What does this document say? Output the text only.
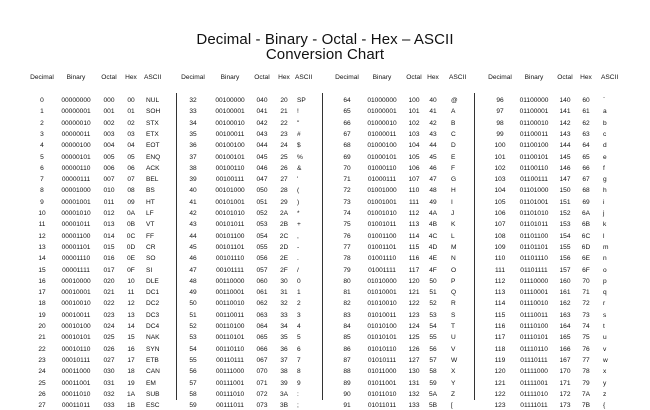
Decimal - Binary - Octal - Hex – ASCII
Conversion Chart
Decimal	Binary	Octal	Hex	ASCII
0	00000000	000	00	NUL
1	00000001	001	01	SOH
2	00000010	002	02	STX
3	00000011	003	03	ETX
4	00000100	004	04	EOT
5	00000101	005	05	ENQ
6	00000110	006	06	ACK
7	00000111	007	07	BEL
8	00001000	010	08	BS
9	00001001	011	09	HT
10	00001010	012	0A	LF
11	00001011	013	0B	VT
12	00001100	014	0C	FF
13	00001101	015	0D	CR
14	00001110	016	0E	SO
15	00001111	017	0F	SI
16	00010000	020	10	DLE
17	00010001	021	11	DC1
18	00010010	022	12	DC2
19	00010011	023	13	DC3
20	00010100	024	14	DC4
21	00010101	025	15	NAK
22	00010110	026	16	SYN
23	00010111	027	17	ETB
24	00011000	030	18	CAN
25	00011001	031	19	EM
26	00011010	032	1A	SUB
27	00011011	033	1B	ESC
Decimal	Binary	Octal	Hex ASCII
32	00100000	040	20	SP
33	00100001	041	21	!
34	00100010	042	22	"
35	00100011	043	23	#
36	00100100	044	24	$
37	00100101	045	25	%
38	00100110	046	26	&
39	00100111	047	27	'
40	00101000	050	28	(
41	00101001	051	29	)
42	00101010	052	2A	*
43	00101011	053	2B	+
44	00101100	054	2C	,
45	00101101	055	2D	-
46	00101110	056	2E	.
47	00101111	057	2F	/
48	00110000	060	30	0
49	00110001	061	31	1
50	00110010	062	32	2
51	00110011	063	33	3
52	00110100	064	34	4
53	00110101	065	35	5
54	00110110	066	36	6
55	00110111	067	37	7
56	00111000	070	38	8
57	00111001	071	39	9
58	00111010	072	3A	:
59	00111011	073	3B	;
Decimal	Binary	Octal Hex	ASCII
64	01000000	100	40	@
65	01000001	101	41	A
66	01000010	102	42	B
67	01000011	103	43	C
68	01000100	104	44	D
69	01000101	105	45	E
70	01000110	106	46	F
71	01000111	107	47	G
72	01001000	110	48	H
73	01001001	111	49	I
74	01001010	112	4A	J
75	01001011	113	4B	K
76	01001100	114	4C	L
77	01001101	115	4D	M
78	01001110	116	4E	N
79	01001111	117	4F	O
80	01010000	120	50	P
81	01010001	121	51	Q
82	01010010	122	52	R
83	01010011	123	53	S
84	01010100	124	54	T
85	01010101	125	55	U
86	01010110	126	56	V
87	01010111	127	57	W
88	01011000	130	58	X
89	01011001	131	59	Y
90	01011010	132	5A	Z
91	01011011	133	5B	[
Decimal	Binary	Octal	Hex	ASCII
96	01100000	140	60	`
97	01100001	141	61	a
98	01100010	142	62	b
99	01100011	143	63	c
100	01100100	144	64	d
101	01100101	145	65	e
102	01100110	146	66	f
103	01100111	147	67	g
104	01101000	150	68	h
105	01101001	151	69	i
106	01101010	152	6A	j
107	01101011	153	6B	k
108	01101100	154	6C	l
109	01101101	155	6D	m
110	01101110	156	6E	n
111	01101111	157	6F	o
112	01110000	160	70	p
113	01110001	161	71	q
114	01110010	162	72	r
115	01110011	163	73	s
116	01110100	164	74	t
117	01110101	165	75	u
118	01110110	166	76	v
119	01110111	167	77	w
120	01111000	170	78	x
121	01111001	171	79	y
122	01111010	172	7A	z
123	01111011	173	7B	{
